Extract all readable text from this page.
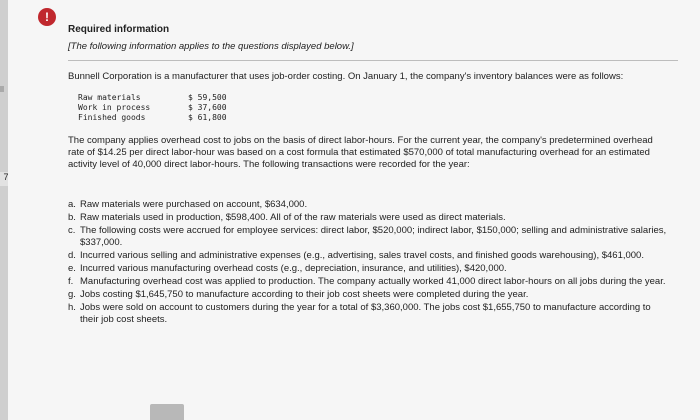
7
!

Required information

[The following information applies to the questions displayed below.]

Bunnell Corporation is a manufacturer that uses job-order costing. On January 1, the company's inventory balances were as follows:

Raw materials	$ 59,500
Work in process	$ 37,600
Finished goods	$ 61,800

The company applies overhead cost to jobs on the basis of direct labor-hours. For the current year, the company's predetermined overhead rate of $14.25 per direct labor-hour was based on a cost formula that estimated $570,000 of total manufacturing overhead for an estimated activity level of 40,000 direct labor-hours. The following transactions were recorded for the year:

a. Raw materials were purchased on account, $634,000.
b. Raw materials used in production, $598,400. All of of the raw materials were used as direct materials.
c. The following costs were accrued for employee services: direct labor, $520,000; indirect labor, $150,000; selling and administrative salaries, $337,000.
d. Incurred various selling and administrative expenses (e.g., advertising, sales travel costs, and finished goods warehousing), $461,000.
e. Incurred various manufacturing overhead costs (e.g., depreciation, insurance, and utilities), $420,000.
f. Manufacturing overhead cost was applied to production. The company actually worked 41,000 direct labor-hours on all jobs during the year.
g. Jobs costing $1,645,750 to manufacture according to their job cost sheets were completed during the year.
h. Jobs were sold on account to customers during the year for a total of $3,360,000. The jobs cost $1,655,750 to manufacture according to their job cost sheets.
